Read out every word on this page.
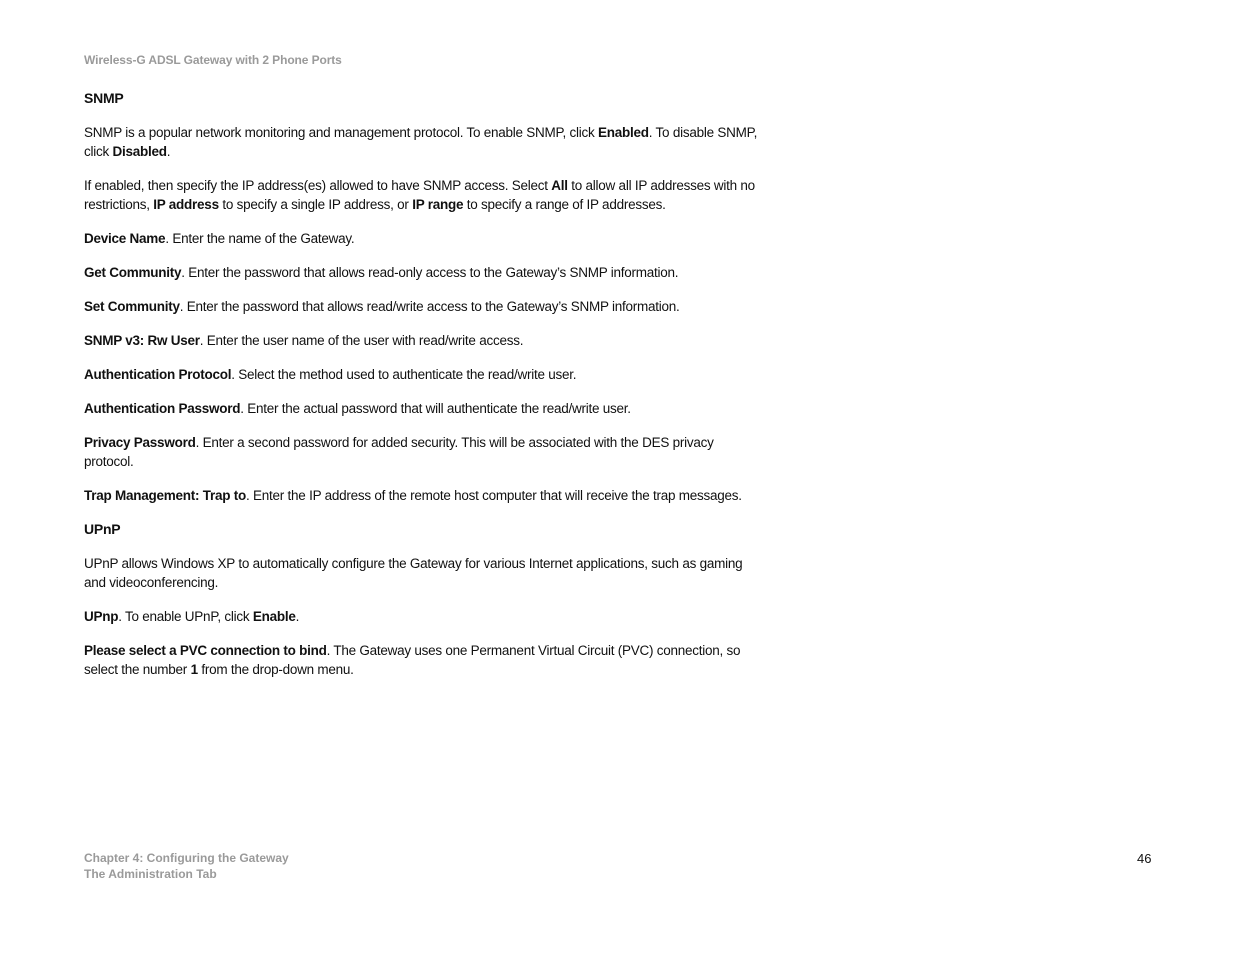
Wireless-G ADSL Gateway with 2 Phone Ports
SNMP

SNMP is a popular network monitoring and management protocol. To enable SNMP, click Enabled. To disable SNMP, click Disabled.

If enabled, then specify the IP address(es) allowed to have SNMP access. Select All to allow all IP addresses with no restrictions, IP address to specify a single IP address, or IP range to specify a range of IP addresses.

Device Name. Enter the name of the Gateway.

Get Community. Enter the password that allows read-only access to the Gateway’s SNMP information.

Set Community. Enter the password that allows read/write access to the Gateway’s SNMP information.

SNMP v3: Rw User. Enter the user name of the user with read/write access.

Authentication Protocol. Select the method used to authenticate the read/write user.

Authentication Password. Enter the actual password that will authenticate the read/write user.

Privacy Password. Enter a second password for added security. This will be associated with the DES privacy protocol.

Trap Management: Trap to. Enter the IP address of the remote host computer that will receive the trap messages.

UPnP

UPnP allows Windows XP to automatically configure the Gateway for various Internet applications, such as gaming and videoconferencing.

UPnp. To enable UPnP, click Enable.

Please select a PVC connection to bind. The Gateway uses one Permanent Virtual Circuit (PVC) connection, so select the number 1 from the drop-down menu.

Chapter 4: Configuring the Gateway
The Administration Tab
46
